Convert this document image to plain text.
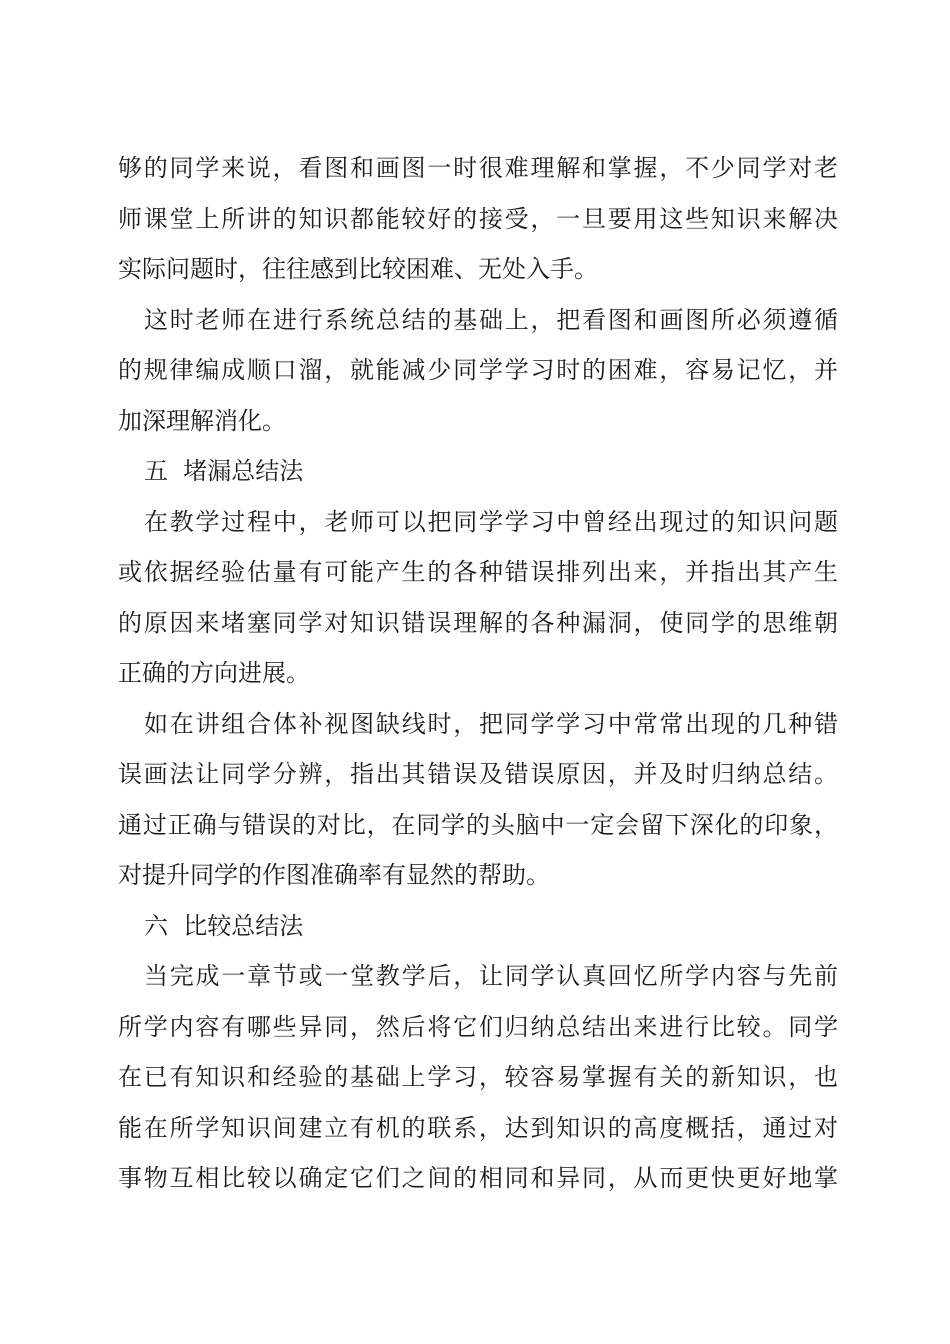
够的同学来说，看图和画图一时很难理解和掌握，不少同学对老
师课堂上所讲的知识都能较好的接受，一旦要用这些知识来解决
实际问题时，往往感到比较困难、无处入手。
这时老师在进行系统总结的基础上，把看图和画图所必须遵循
的规律编成顺口溜，就能减少同学学习时的困难，容易记忆，并
加深理解消化。
五  堵漏总结法
在教学过程中，老师可以把同学学习中曾经出现过的知识问题
或依据经验估量有可能产生的各种错误排列出来，并指出其产生
的原因来堵塞同学对知识错误理解的各种漏洞，使同学的思维朝
正确的方向进展。
如在讲组合体补视图缺线时，把同学学习中常常出现的几种错
误画法让同学分辨，指出其错误及错误原因，并及时归纳总结。
通过正确与错误的对比，在同学的头脑中一定会留下深化的印象，
对提升同学的作图准确率有显然的帮助。
六  比较总结法
当完成一章节或一堂教学后，让同学认真回忆所学内容与先前
所学内容有哪些异同，然后将它们归纳总结出来进行比较。同学
在已有知识和经验的基础上学习，较容易掌握有关的新知识，也
能在所学知识间建立有机的联系，达到知识的高度概括，通过对
事物互相比较以确定它们之间的相同和异同，从而更快更好地掌
